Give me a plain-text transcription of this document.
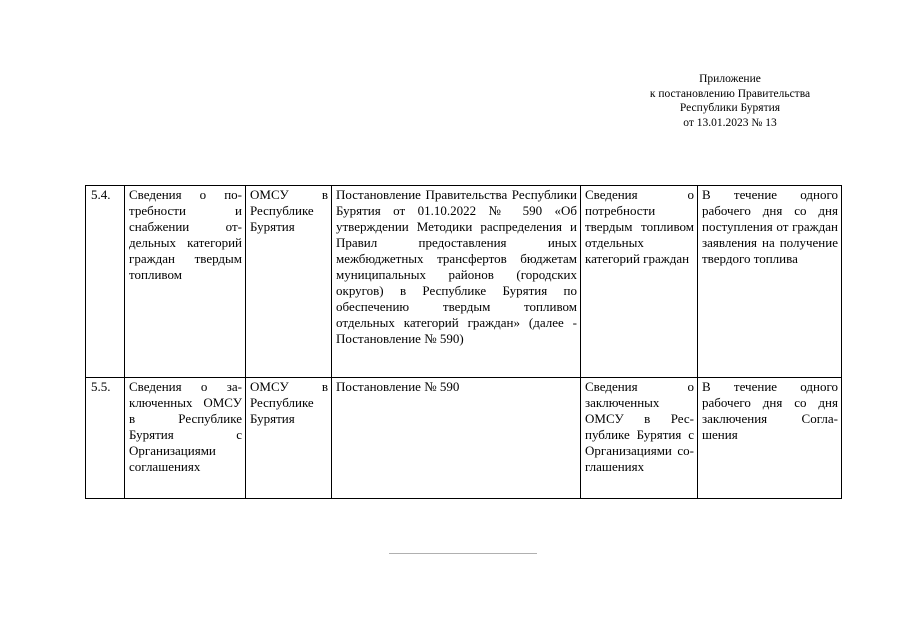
Приложение
к постановлению Правительства
Республики Бурятия
от 13.01.2023 № 13
5.4.	Сведения о потребности и снабжении отдельных категорий граждан твердым топливом	ОМСУ в Республике Бурятия	Постановление Правительства Республики Бурятия от 01.10.2022 № 590 «Об утверждении Методики распределения и Правил предоставления иных межбюджетных трансфертов бюджетам муниципальных районов (городских округов) в Республике Бурятия по обеспечению твердым топливом отдельных категорий граждан» (далее - Постановление № 590)	Сведения о потребности твердым топливом отдельных категорий граждан	В течение одного рабочего дня со дня поступления от граждан заявления на получение твердого топлива

5.5.	Сведения о заключенных ОМСУ в Республике Бурятия с Организациями соглашениях	ОМСУ в Республике Бурятия	Постановление № 590	Сведения о заключенных ОМСУ в Республике Бурятия с Организациями соглашениях	В течение одного рабочего дня со дня заключения Соглашения
